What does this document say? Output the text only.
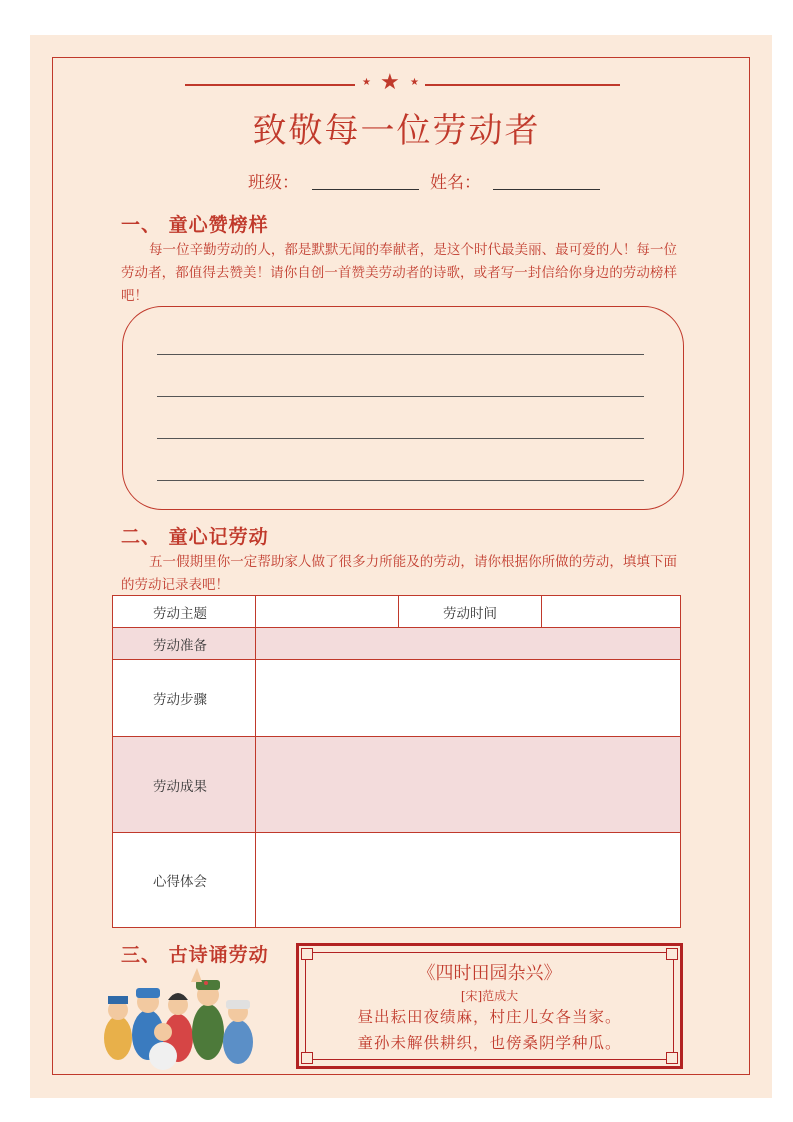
★ ★ ★
致敬每一位劳动者
班级：	姓名：
一、 童心赞榜样
每一位辛勤劳动的人，都是默默无闻的奉献者，是这个时代最美丽、最可爱的人！每一位劳动者，都值得去赞美！请你自创一首赞美劳动者的诗歌，或者写一封信给你身边的劳动榜样吧！
二、 童心记劳动
五一假期里你一定帮助家人做了很多力所能及的劳动，请你根据你所做的劳动，填填下面的劳动记录表吧！
劳动主题		劳动时间	
劳动准备			
劳动步骤			
劳动成果			
心得体会			
三、 古诗诵劳动
《四时田园杂兴》
[宋]范成大
昼出耘田夜绩麻，村庄儿女各当家。
童孙未解供耕织，也傍桑阴学种瓜。
